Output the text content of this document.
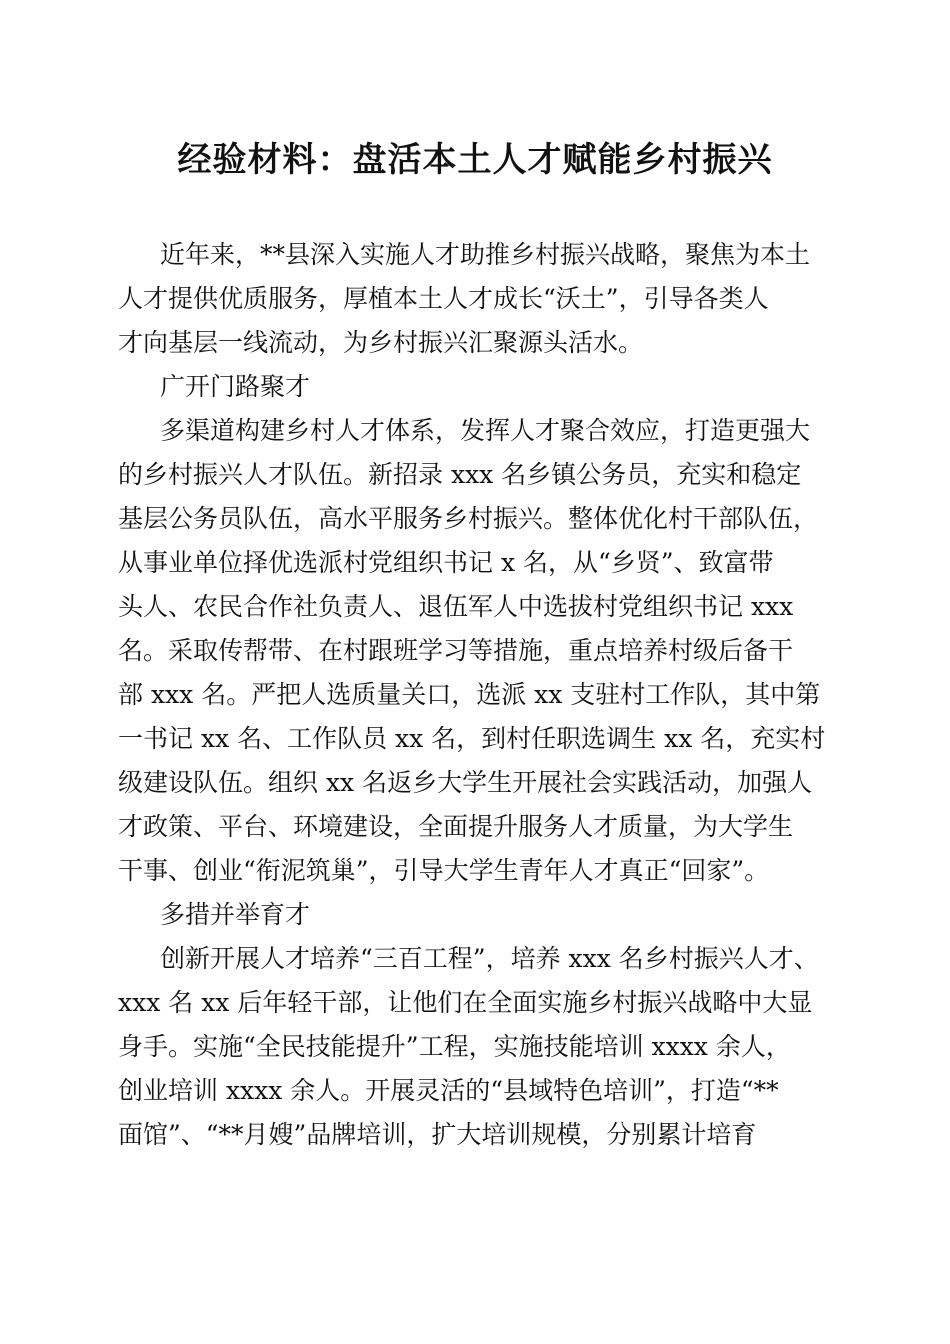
经验材料：盘活本土人才赋能乡村振兴
近年来，**县深入实施人才助推乡村振兴战略，聚焦为本土
人才提供优质服务，厚植本土人才成长“沃土”，引导各类人
才向基层一线流动，为乡村振兴汇聚源头活水。
广开门路聚才
多渠道构建乡村人才体系，发挥人才聚合效应，打造更强大
的乡村振兴人才队伍。新招录 xxx 名乡镇公务员，充实和稳定
基层公务员队伍，高水平服务乡村振兴。整体优化村干部队伍，
从事业单位择优选派村党组织书记 x 名，从“乡贤”、致富带
头人、农民合作社负责人、退伍军人中选拔村党组织书记 xxx
名。采取传帮带、在村跟班学习等措施，重点培养村级后备干
部 xxx 名。严把人选质量关口，选派 xx 支驻村工作队，其中第
一书记 xx 名、工作队员 xx 名，到村任职选调生 xx 名，充实村
级建设队伍。组织 xx 名返乡大学生开展社会实践活动，加强人
才政策、平台、环境建设，全面提升服务人才质量，为大学生
干事、创业“衔泥筑巢”，引导大学生青年人才真正“回家”。
多措并举育才
创新开展人才培养“三百工程”，培养 xxx 名乡村振兴人才、
xxx 名 xx 后年轻干部，让他们在全面实施乡村振兴战略中大显
身手。实施“全民技能提升”工程，实施技能培训 xxxx 余人，
创业培训 xxxx 余人。开展灵活的“县域特色培训”，打造“**
面馆”、“**月嫂”品牌培训，扩大培训规模，分别累计培育
